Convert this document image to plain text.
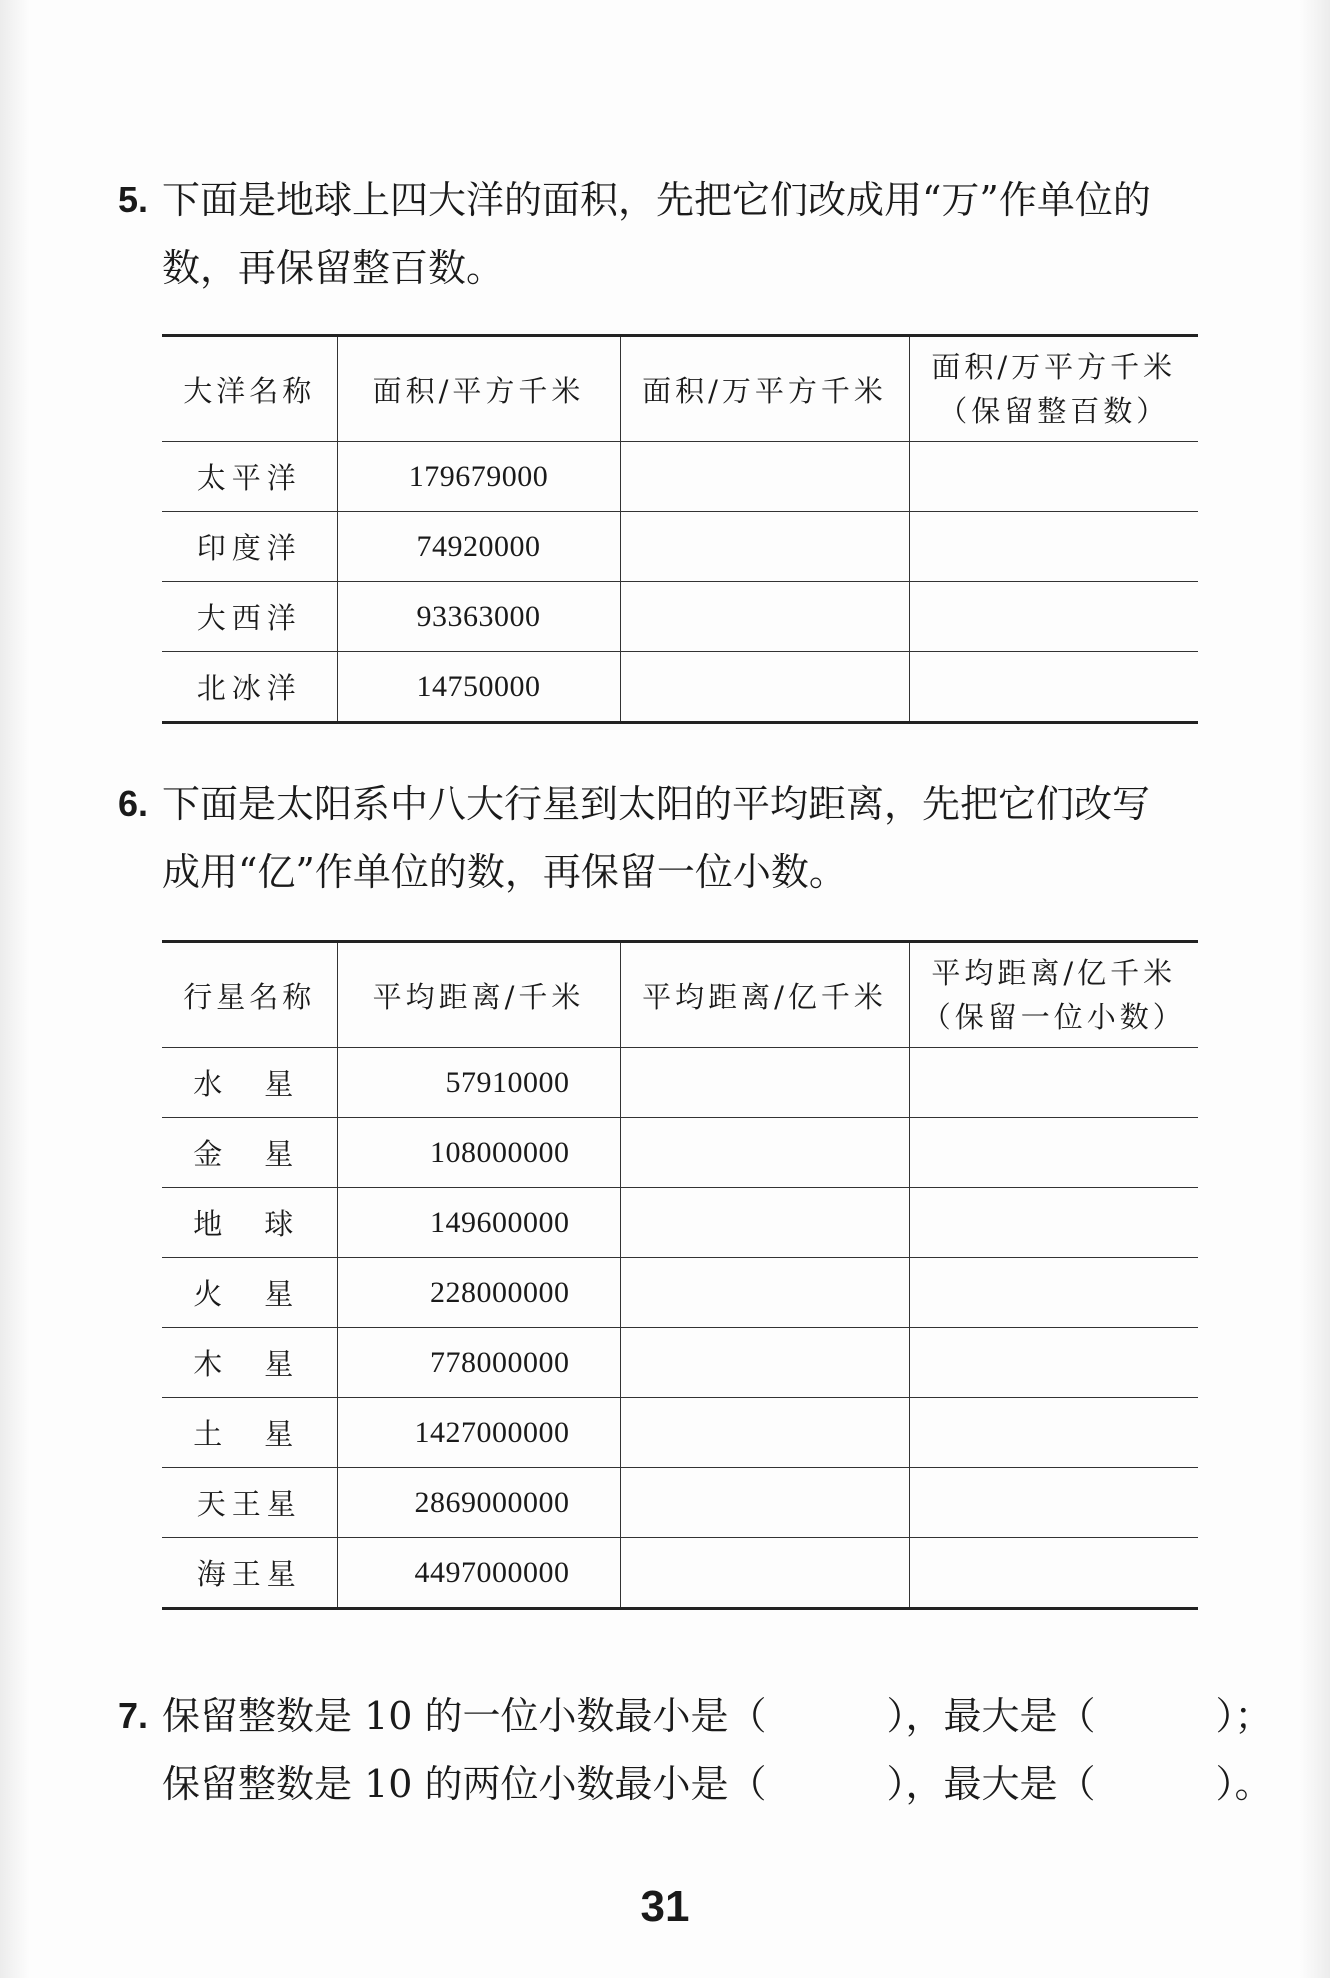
5. 下面是地球上四大洋的面积，先把它们改成用“万”作单位的
数，再保留整百数。
大洋名称	面积/平方千米	面积/万平方千米	面积/万平方千米
（保留整百数）

太平洋	179679000		
印度洋	74920000		
大西洋	93363000		
北冰洋	14750000		
6. 下面是太阳系中八大行星到太阳的平均距离，先把它们改写
成用“亿”作单位的数，再保留一位小数。
行星名称	平均距离/千米	平均距离/亿千米	平均距离/亿千米
（保留一位小数）

水星	57910000		
金星	108000000		
地球	149600000		
火星	228000000		
木星	778000000		
土星	1427000000		
天王星	2869000000		
海王星	4497000000		
7. 保留整数是 10 的一位小数最小是（	），最大是（	）；
保留整数是 10 的两位小数最小是（	），最大是（	）。
31
